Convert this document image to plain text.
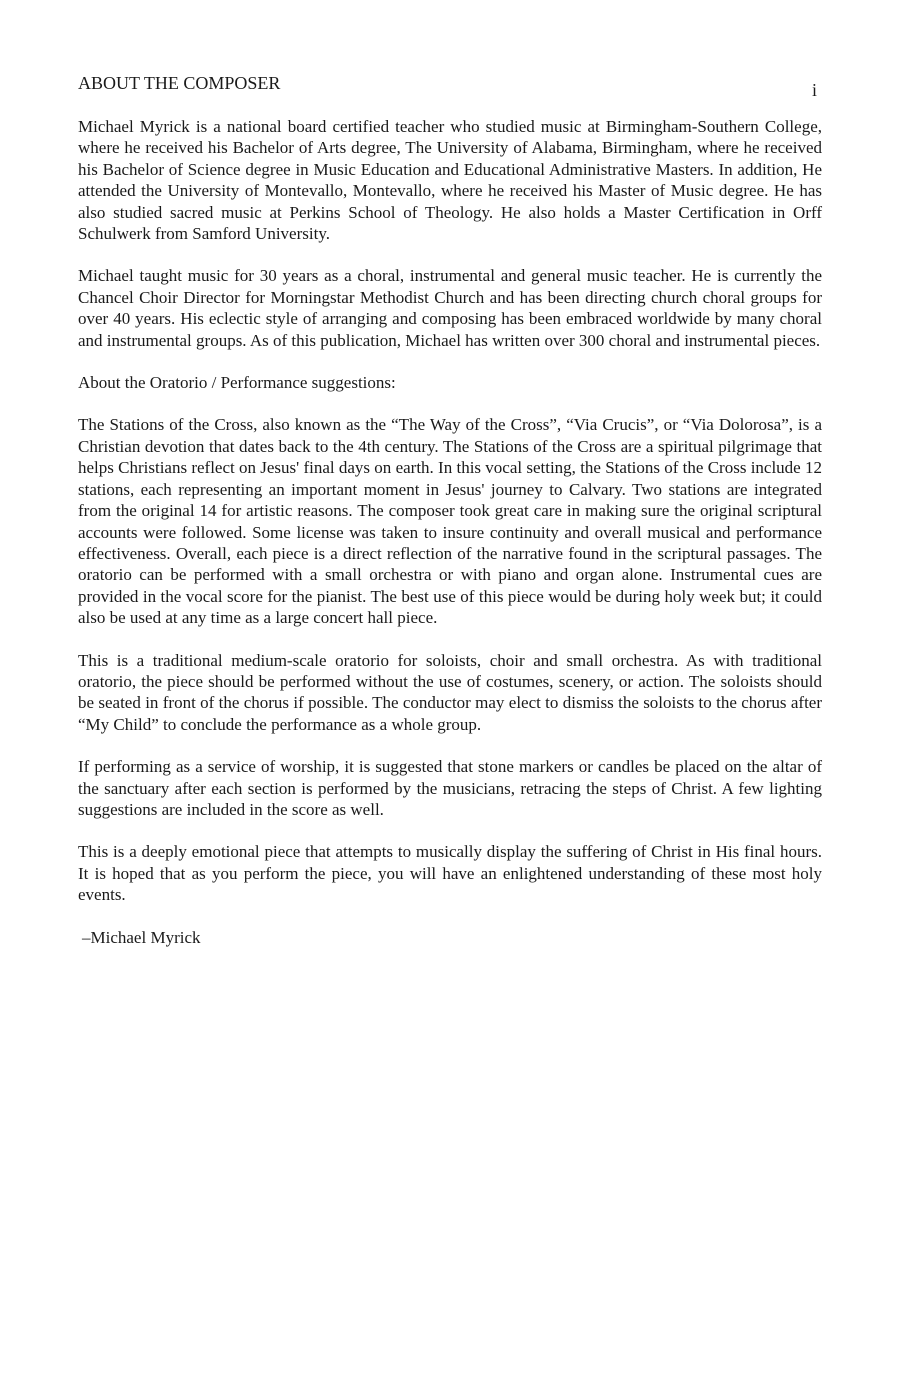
i
ABOUT THE COMPOSER

Michael Myrick is a national board certified teacher who studied music at Birmingham-Southern College, where he received his Bachelor of Arts degree, The University of Alabama, Birmingham, where he received his Bachelor of Science degree in Music Education and Educational Administrative Masters. In addition, He attended the University of Montevallo, Montevallo, where he received his Master of Music degree. He has also studied sacred music at Perkins School of Theology. He also holds a Master Certification in Orff Schulwerk from Samford University.

Michael taught music for 30 years as a choral, instrumental and general music teacher. He is currently the Chancel Choir Director for Morningstar Methodist Church and has been directing church choral groups for over 40 years. His eclectic style of arranging and composing has been embraced worldwide by many choral and instrumental groups. As of this publication, Michael has written over 300 choral and instrumental pieces.

About the Oratorio / Performance suggestions:

The Stations of the Cross, also known as the “The Way of the Cross”, “Via Crucis”, or “Via Dolorosa”, is a Christian devotion that dates back to the 4th century. The Stations of the Cross are a spiritual pilgrimage that helps Christians reflect on Jesus' final days on earth. In this vocal setting, the Stations of the Cross include 12 stations, each representing an important moment in Jesus' journey to Calvary. Two stations are integrated from the original 14 for artistic reasons. The composer took great care in making sure the original scriptural accounts were followed. Some license was taken to insure continuity and overall musical and performance effectiveness. Overall, each piece is a direct reflection of the narrative found in the scriptural passages. The oratorio can be performed with a small orchestra or with piano and organ alone. Instrumental cues are provided in the vocal score for the pianist. The best use of this piece would be during holy week but; it could also be used at any time as a large concert hall piece.

This is a traditional medium-scale oratorio for soloists, choir and small orchestra. As with traditional oratorio, the piece should be performed without the use of costumes, scenery, or action. The soloists should be seated in front of the chorus if possible. The conductor may elect to dismiss the soloists to the chorus after “My Child” to conclude the performance as a whole group.

If performing as a service of worship, it is suggested that stone markers or candles be placed on the altar of the sanctuary after each section is performed by the musicians, retracing the steps of Christ. A few lighting suggestions are included in the score as well.

This is a deeply emotional piece that attempts to musically display the suffering of Christ in His final hours. It is hoped that as you perform the piece, you will have an enlightened understanding of these most holy events.

–Michael Myrick
